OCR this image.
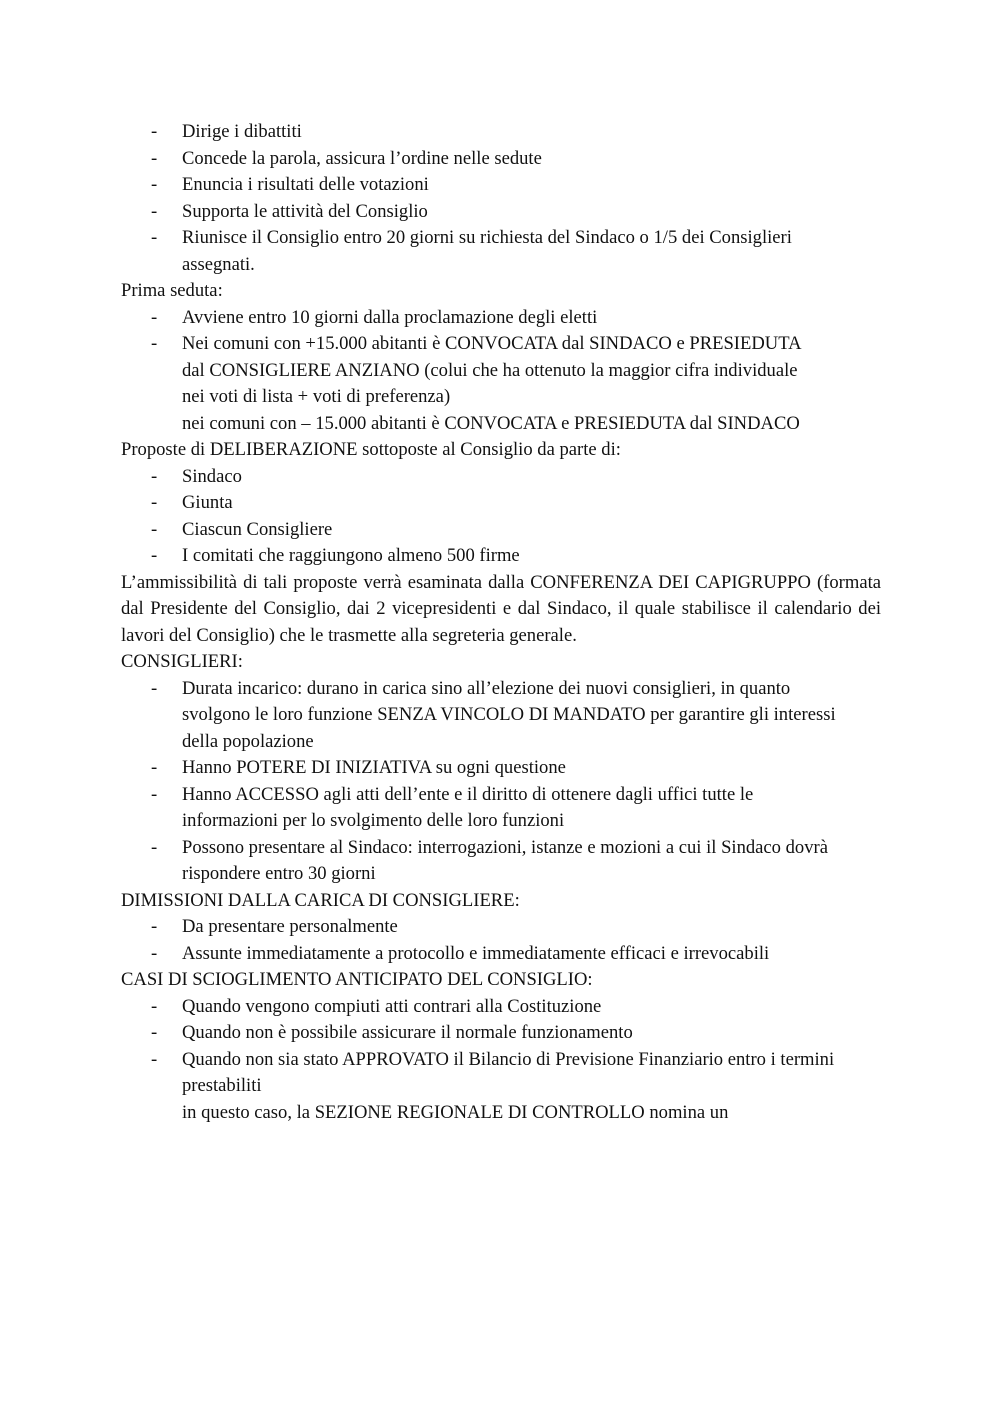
- Dirige i dibattiti
- Concede la parola, assicura l’ordine nelle sedute
- Enuncia i risultati delle votazioni
- Supporta le attività del Consiglio
- Riunisce il Consiglio entro 20 giorni su richiesta del Sindaco o 1/5 dei Consiglieri assegnati.

Prima seduta:

- Avviene entro 10 giorni dalla proclamazione degli eletti
- Nei comuni con +15.000 abitanti è CONVOCATA dal SINDACO e PRESIEDUTA dal CONSIGLIERE ANZIANO (colui che ha ottenuto la maggior cifra individuale nei voti di lista + voti di preferenza)
nei comuni con – 15.000 abitanti è CONVOCATA e PRESIEDUTA dal SINDACO

Proposte di DELIBERAZIONE sottoposte al Consiglio da parte di:

- Sindaco
- Giunta
- Ciascun Consigliere
- I comitati che raggiungono almeno 500 firme

L’ammissibilità di tali proposte verrà esaminata dalla CONFERENZA DEI CAPIGRUPPO (formata dal Presidente del Consiglio, dai 2 vicepresidenti e dal Sindaco, il quale stabilisce il calendario dei lavori del Consiglio) che le trasmette alla segreteria generale.

CONSIGLIERI:

- Durata incarico: durano in carica sino all’elezione dei nuovi consiglieri, in quanto svolgono le loro funzione SENZA VINCOLO DI MANDATO per garantire gli interessi della popolazione
- Hanno POTERE DI INIZIATIVA su ogni questione
- Hanno ACCESSO agli atti dell’ente e il diritto di ottenere dagli uffici tutte le informazioni per lo svolgimento delle loro funzioni
- Possono presentare al Sindaco: interrogazioni, istanze e mozioni a cui il Sindaco dovrà rispondere entro 30 giorni

DIMISSIONI DALLA CARICA DI CONSIGLIERE:

- Da presentare personalmente
- Assunte immediatamente a protocollo e immediatamente efficaci e irrevocabili

CASI DI SCIOGLIMENTO ANTICIPATO DEL CONSIGLIO:

- Quando vengono compiuti atti contrari alla Costituzione
- Quando non è possibile assicurare il normale funzionamento
- Quando non sia stato APPROVATO il Bilancio di Previsione Finanziario entro i termini prestabiliti
in questo caso, la SEZIONE REGIONALE DI CONTROLLO nomina un
